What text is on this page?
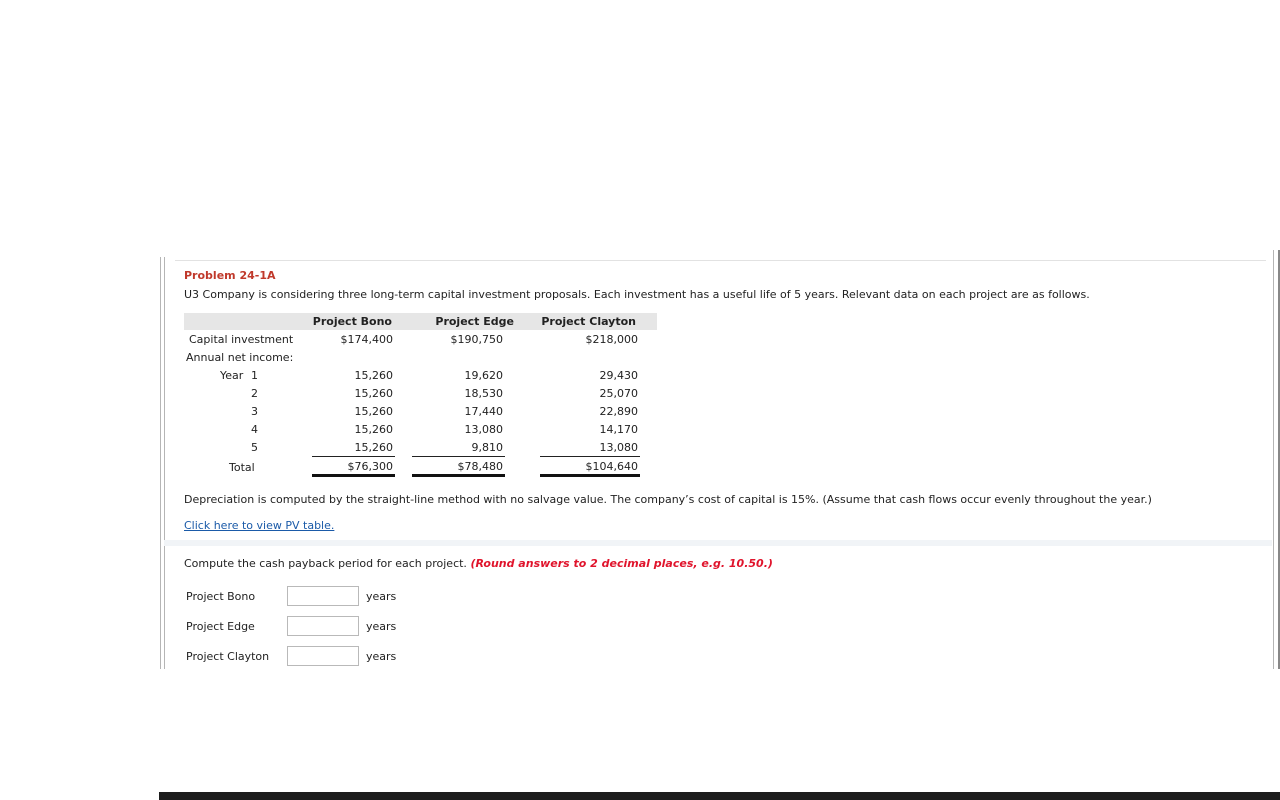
Problem 24-1A
U3 Company is considering three long-term capital investment proposals. Each investment has a useful life of 5 years. Relevant data on each project are as follows.
Project Bono	Project Edge	Project Clayton
Capital investment	$174,400	$190,750	$218,000
Annual net income:
Year 1	15,260	19,620	29,430
2	15,260	18,530	25,070
3	15,260	17,440	22,890
4	15,260	13,080	14,170
5	15,260	9,810	13,080
Total	$76,300	$78,480	$104,640
Depreciation is computed by the straight-line method with no salvage value. The company’s cost of capital is 15%. (Assume that cash flows occur evenly throughout the year.)
Click here to view PV table.
Compute the cash payback period for each project. (Round answers to 2 decimal places, e.g. 10.50.)
Project Bono	years
Project Edge	years
Project Clayton	years
